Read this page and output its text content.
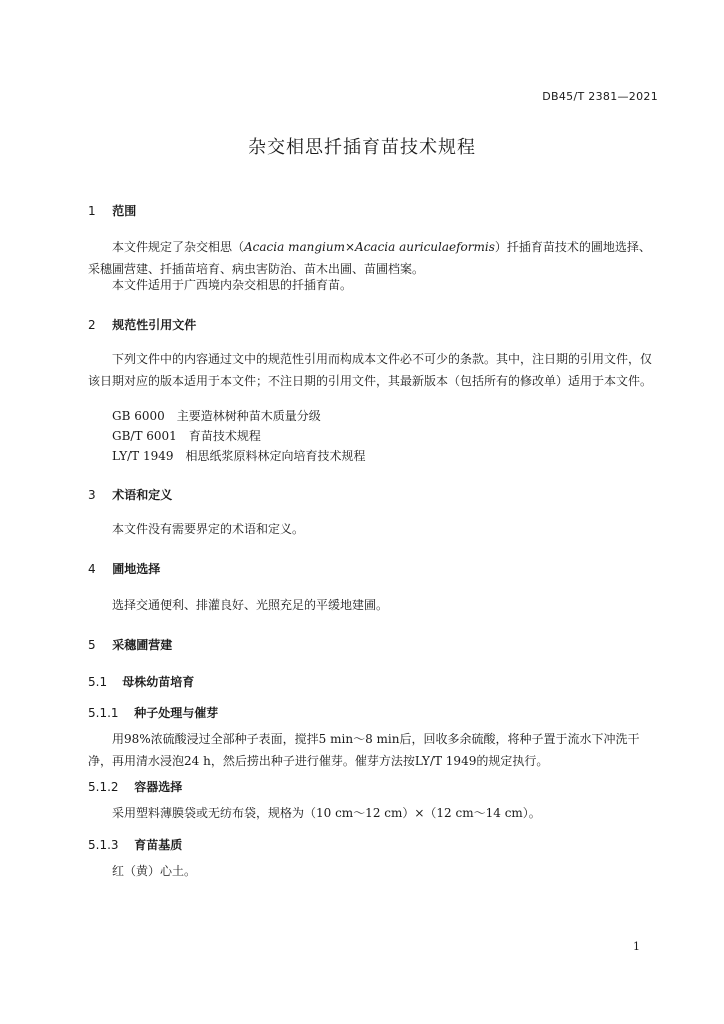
DB45/T 2381—2021
杂交相思扦插育苗技术规程
1 范围
本文件规定了杂交相思（Acacia mangium×Acacia auriculaeformis）扦插育苗技术的圃地选择、采穗圃营建、扦插苗培育、病虫害防治、苗木出圃、苗圃档案。
本文件适用于广西境内杂交相思的扦插育苗。
2 规范性引用文件
下列文件中的内容通过文中的规范性引用而构成本文件必不可少的条款。其中，注日期的引用文件，仅该日期对应的版本适用于本文件；不注日期的引用文件，其最新版本（包括所有的修改单）适用于本文件。
GB 6000 主要造林树种苗木质量分级
GB/T 6001 育苗技术规程
LY/T 1949 相思纸浆原料林定向培育技术规程
3 术语和定义
本文件没有需要界定的术语和定义。
4 圃地选择
选择交通便利、排灌良好、光照充足的平缓地建圃。
5 采穗圃营建
5.1 母株幼苗培育
5.1.1 种子处理与催芽
用98%浓硫酸浸过全部种子表面，搅拌5 min～8 min后，回收多余硫酸，将种子置于流水下冲洗干净，再用清水浸泡24 h，然后捞出种子进行催芽。催芽方法按LY/T 1949的规定执行。
5.1.2 容器选择
采用塑料薄膜袋或无纺布袋，规格为（10 cm～12 cm）×（12 cm～14 cm）。
5.1.3 育苗基质
红（黄）心土。
1
